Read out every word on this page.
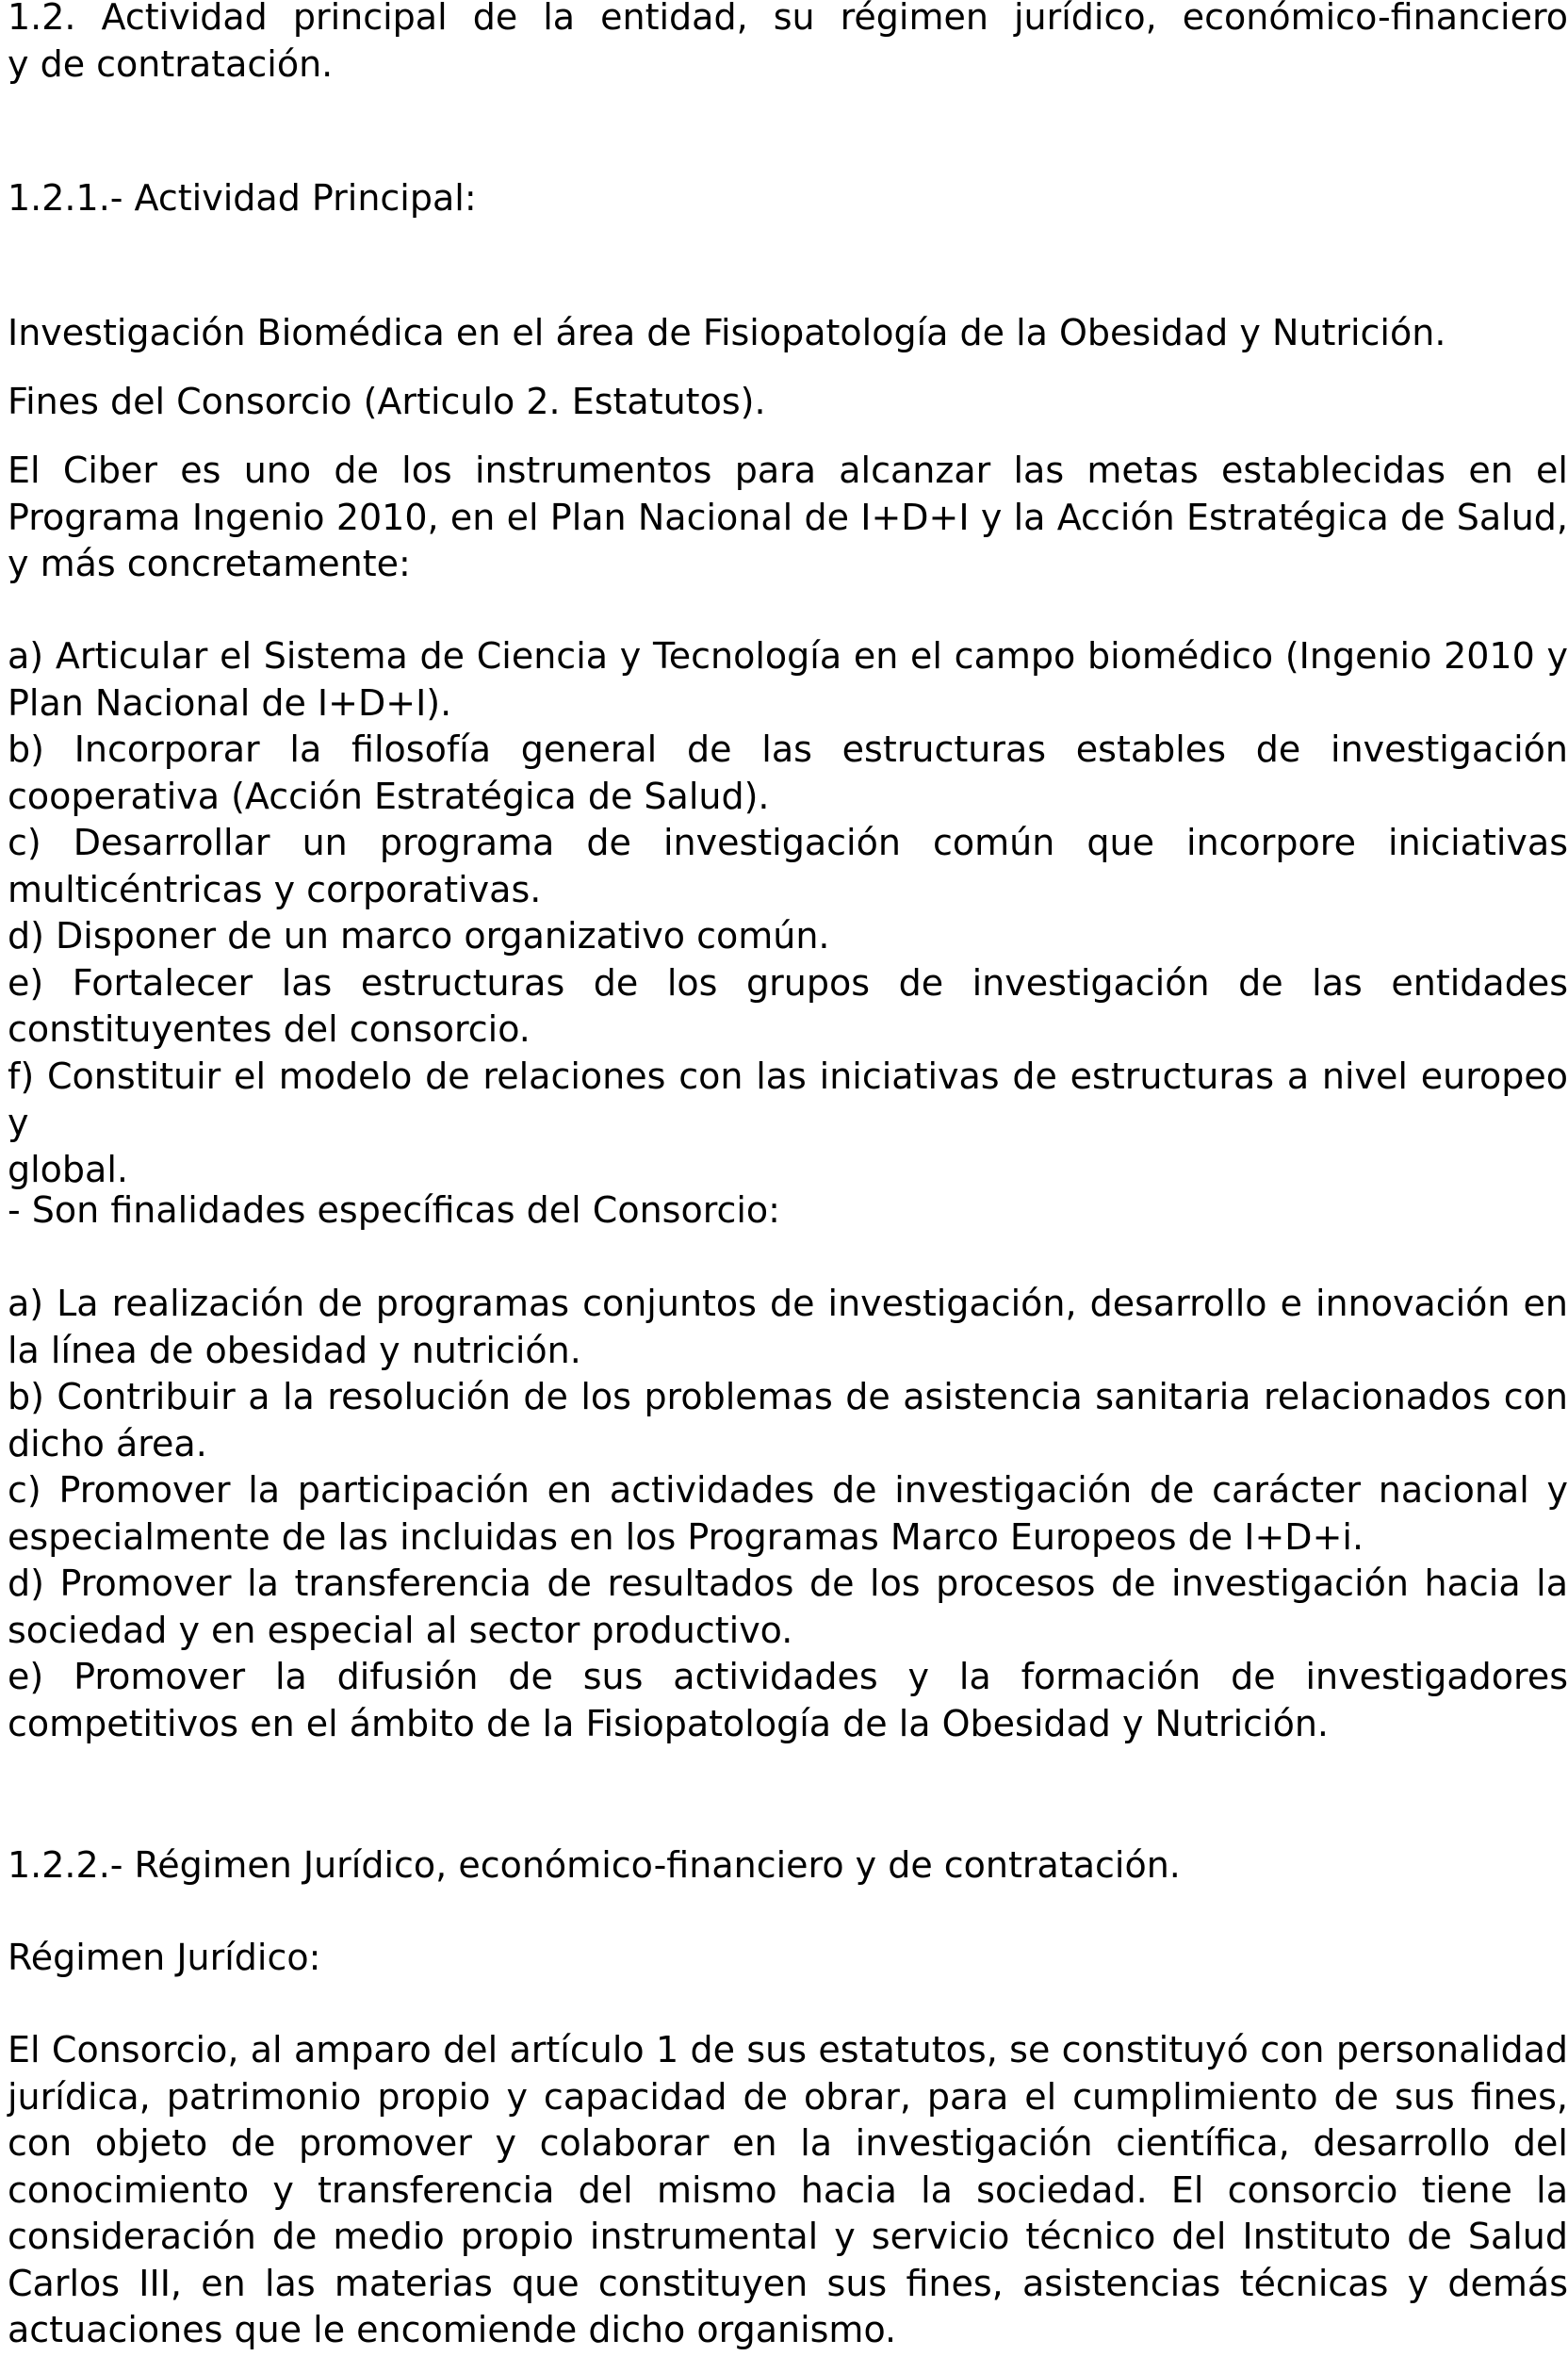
1.2. Actividad principal de la entidad, su régimen jurídico, económico-financiero
y de contratación.
1.2.1.- Actividad Principal:
Investigación Biomédica en el área de Fisiopatología de la Obesidad y Nutrición.
Fines del Consorcio (Articulo 2. Estatutos).
El Ciber es uno de los instrumentos para alcanzar las metas establecidas en el
Programa Ingenio 2010, en el Plan Nacional de I+D+I y la Acción Estratégica de Salud,
y más concretamente:
a) Articular el Sistema de Ciencia y Tecnología en el campo biomédico (Ingenio 2010 y
Plan Nacional de I+D+I).
b) Incorporar la filosofía general de las estructuras estables de investigación
cooperativa (Acción Estratégica de Salud).
c) Desarrollar un programa de investigación común que incorpore iniciativas
multicéntricas y corporativas.
d) Disponer de un marco organizativo común.
e) Fortalecer las estructuras de los grupos de investigación de las entidades
constituyentes del consorcio.
f) Constituir el modelo de relaciones con las iniciativas de estructuras a nivel europeo y
global.
- Son finalidades específicas del Consorcio:
a) La realización de programas conjuntos de investigación, desarrollo e innovación en
la línea de obesidad y nutrición.
b) Contribuir a la resolución de los problemas de asistencia sanitaria relacionados con
dicho área.
c) Promover la participación en actividades de investigación de carácter nacional y
especialmente de las incluidas en los Programas Marco Europeos de I+D+i.
d) Promover la transferencia de resultados de los procesos de investigación hacia la
sociedad y en especial al sector productivo.
e) Promover la difusión de sus actividades y la formación de investigadores
competitivos en el ámbito de la Fisiopatología de la Obesidad y Nutrición.
1.2.2.- Régimen Jurídico, económico-financiero y de contratación.
Régimen Jurídico:
El Consorcio, al amparo del artículo 1 de sus estatutos, se constituyó con personalidad
jurídica, patrimonio propio y capacidad de obrar, para el cumplimiento de sus fines,
con objeto de promover y colaborar en la investigación científica, desarrollo del
conocimiento y transferencia del mismo hacia la sociedad. El consorcio tiene la
consideración de medio propio instrumental y servicio técnico del Instituto de Salud
Carlos III, en las materias que constituyen sus fines, asistencias técnicas y demás
actuaciones que le encomiende dicho organismo.
